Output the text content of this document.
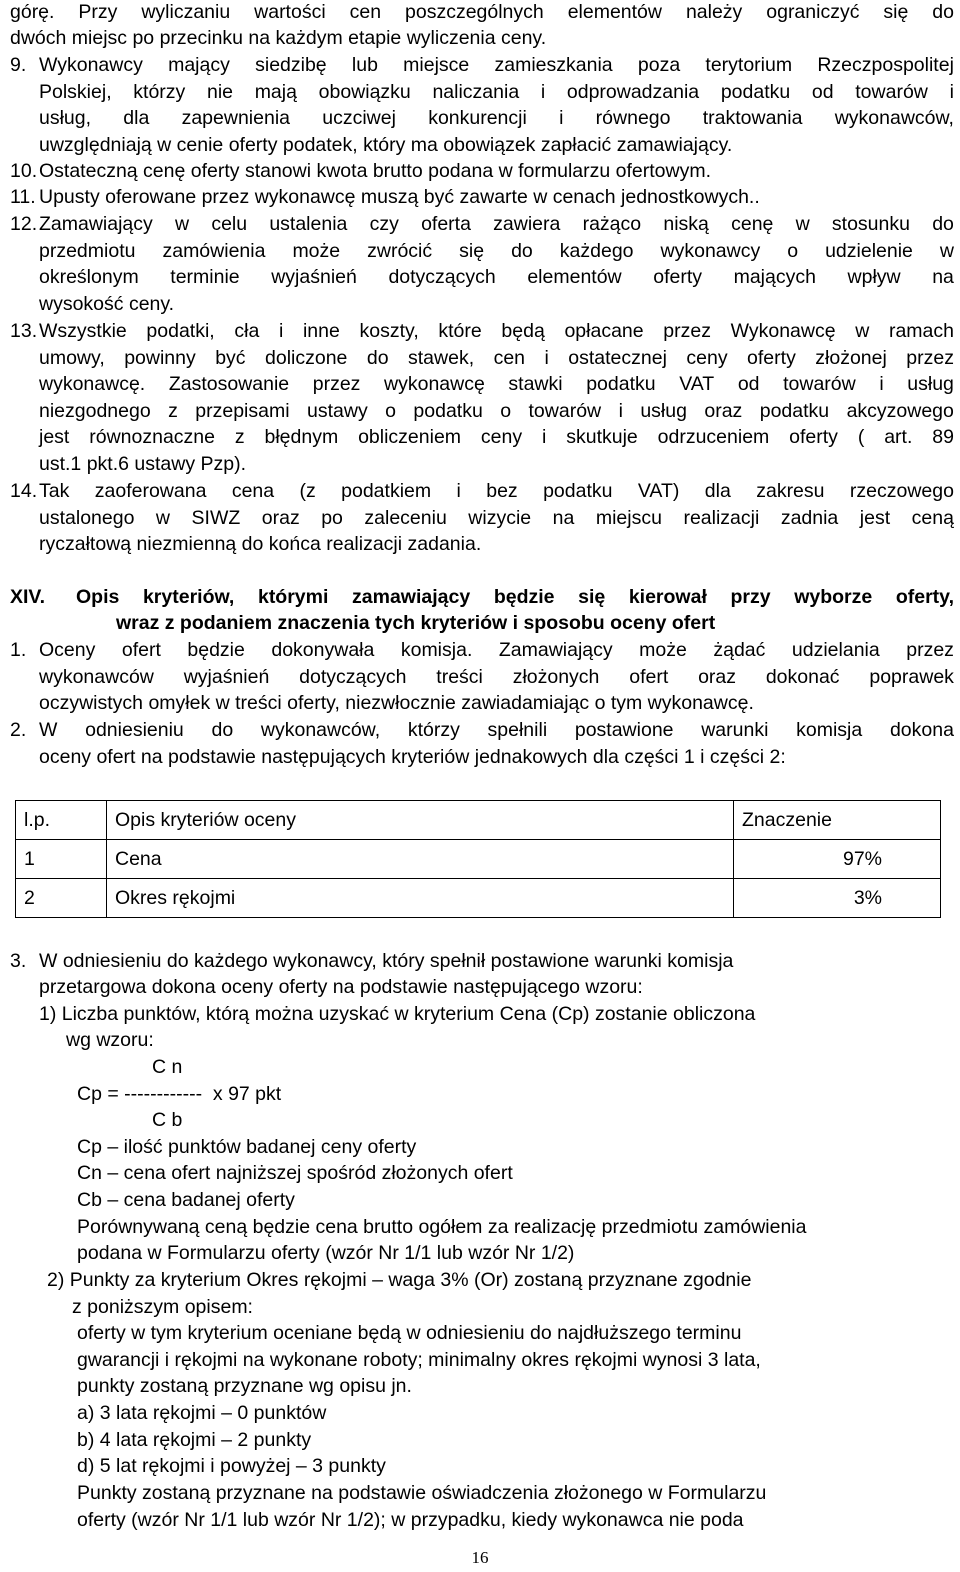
górę. Przy wyliczaniu wartości cen poszczególnych elementów należy ograniczyć się do
dwóch miejsc po przecinku na każdym etapie wyliczenia ceny.
9. Wykonawcy mający siedzibę lub miejsce zamieszkania poza terytorium Rzeczpospolitej
Polskiej, którzy nie mają obowiązku naliczania i odprowadzania podatku od towarów i
usług, dla zapewnienia uczciwej konkurencji i równego traktowania wykonawców,
uwzględniają w cenie oferty podatek, który ma obowiązek zapłacić zamawiający.
10. Ostateczną cenę oferty stanowi kwota brutto podana w formularzu ofertowym.
11. Upusty oferowane przez wykonawcę muszą być zawarte w cenach jednostkowych..
12. Zamawiający w celu ustalenia czy oferta zawiera rażąco niską cenę w stosunku do
przedmiotu zamówienia może zwrócić się do każdego wykonawcy o udzielenie w
określonym terminie wyjaśnień dotyczących elementów oferty mających wpływ na
wysokość ceny.
13. Wszystkie podatki, cła i inne koszty, które będą opłacane przez Wykonawcę w ramach
umowy, powinny być doliczone do stawek, cen i ostatecznej ceny oferty złożonej przez
wykonawcę. Zastosowanie przez wykonawcę stawki podatku VAT od towarów i usług
niezgodnego z przepisami ustawy o podatku o towarów i usług oraz podatku akcyzowego
jest równoznaczne z błędnym obliczeniem ceny i skutkuje odrzuceniem oferty ( art. 89
ust.1 pkt.6 ustawy Pzp).
14. Tak zaoferowana cena (z podatkiem i bez podatku VAT) dla zakresu rzeczowego
ustalonego w SIWZ oraz po zaleceniu wizycie na miejscu realizacji zadnia jest ceną
ryczałtową niezmienną do końca realizacji zadania.
XIV. Opis kryteriów, którymi zamawiający będzie się kierował przy wyborze oferty,
wraz z podaniem znaczenia tych kryteriów i sposobu oceny ofert
1. Oceny ofert będzie dokonywała komisja. Zamawiający może żądać udzielania przez
wykonawców wyjaśnień dotyczących treści złożonych ofert oraz dokonać poprawek
oczywistych omyłek w treści oferty, niezwłocznie zawiadamiając o tym wykonawcę.
2. W odniesieniu do wykonawców, którzy spełnili postawione warunki komisja dokona
oceny ofert na podstawie następujących kryteriów jednakowych dla części 1 i części 2:
l.p.	Opis kryteriów oceny	Znaczenie
1	Cena	97%
2	Okres rękojmi	3%
3. W odniesieniu do każdego wykonawcy, który spełnił postawione warunki komisja
przetargowa dokona oceny oferty na podstawie następującego wzoru:
1) Liczba punktów, którą można uzyskać w kryterium Cena (Cp) zostanie obliczona
wg wzoru:
C n
Cp = ------------  x 97 pkt
C b
Cp – ilość punktów badanej ceny oferty
Cn – cena ofert najniższej spośród złożonych ofert
Cb – cena badanej oferty
Porównywaną ceną będzie cena brutto ogółem za realizację przedmiotu zamówienia
podana w Formularzu oferty (wzór Nr 1/1 lub wzór Nr 1/2)
2) Punkty za kryterium Okres rękojmi – waga 3% (Or) zostaną przyznane zgodnie
z poniższym opisem:
oferty w tym kryterium oceniane będą w odniesieniu do najdłuższego terminu
gwarancji i rękojmi na wykonane roboty; minimalny okres rękojmi wynosi 3 lata,
punkty zostaną przyznane wg opisu jn.
a) 3 lata rękojmi – 0 punktów
b) 4 lata rękojmi – 2 punkty
d) 5 lat rękojmi i powyżej – 3 punkty
Punkty zostaną przyznane na podstawie oświadczenia złożonego w Formularzu
oferty (wzór Nr 1/1 lub wzór Nr 1/2); w przypadku, kiedy wykonawca nie poda
16
